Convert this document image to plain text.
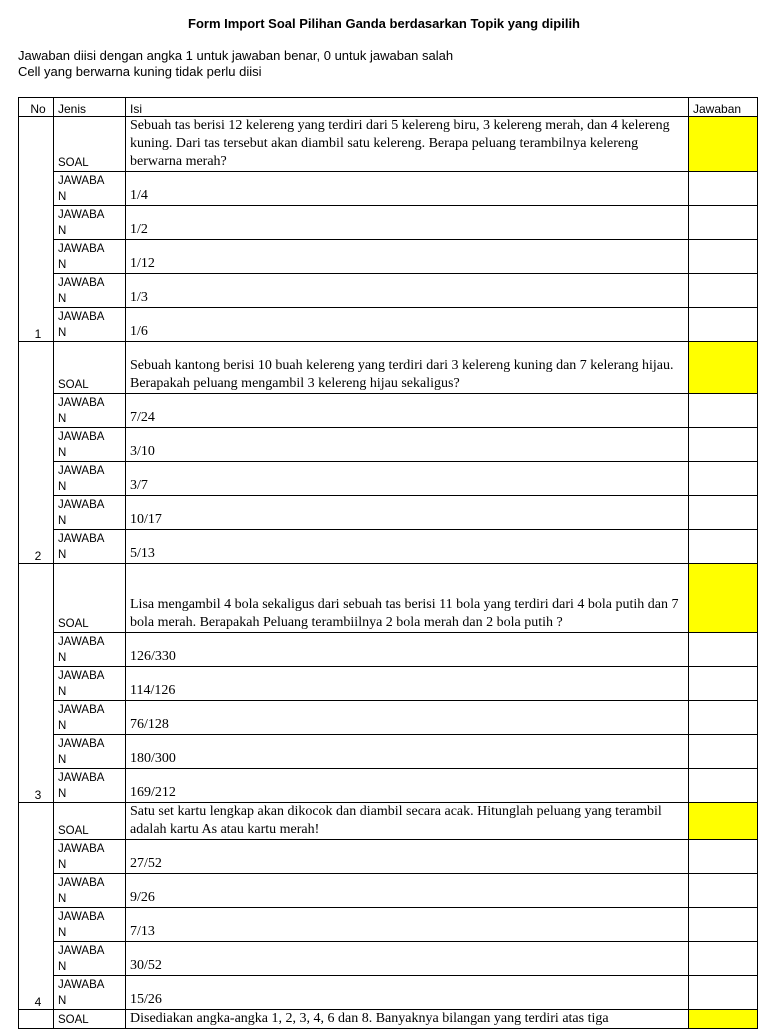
Form Import Soal Pilihan Ganda berdasarkan Topik yang dipilih
Jawaban diisi dengan angka 1 untuk jawaban benar, 0 untuk jawaban salah
Cell yang berwarna kuning tidak perlu diisi
No	Jenis	Isi	Jawaban
1	SOAL	Sebuah tas berisi 12 kelereng yang terdiri dari 5 kelereng biru, 3 kelereng merah, dan 4 kelereng kuning. Dari tas tersebut akan diambil satu kelereng. Berapa peluang terambilnya kelereng berwarna merah?	

	JAWABA
N	1/4	

	JAWABA
N	1/2	

	JAWABA
N	1/12	

	JAWABA
N	1/3	

	JAWABA
N	1/6	
2	SOAL	Sebuah kantong berisi 10 buah kelereng yang terdiri dari 3 kelereng kuning dan 7 kelerang hijau. Berapakah peluang mengambil 3 kelereng hijau sekaligus?	

	JAWABA
N	7/24	

	JAWABA
N	3/10	

	JAWABA
N	3/7	

	JAWABA
N	10/17	

	JAWABA
N	5/13	
3	SOAL	Lisa mengambil 4 bola sekaligus dari sebuah tas berisi 11 bola yang terdiri dari 4 bola putih dan 7 bola merah. Berapakah Peluang terambiilnya 2 bola merah dan 2 bola putih ?	

	JAWABA
N	126/330	

	JAWABA
N	114/126	

	JAWABA
N	76/128	

	JAWABA
N	180/300	

	JAWABA
N	169/212	
4	SOAL	Satu set kartu lengkap akan dikocok dan diambil secara acak. Hitunglah peluang yang terambil adalah kartu As atau kartu merah!	

	JAWABA
N	27/52	

	JAWABA
N	9/26	

	JAWABA
N	7/13	

	JAWABA
N	30/52	

	JAWABA
N	15/26	
	SOAL	Disediakan angka-angka 1, 2, 3, 4, 6 dan 8. Banyaknya bilangan yang terdiri atas tiga	
